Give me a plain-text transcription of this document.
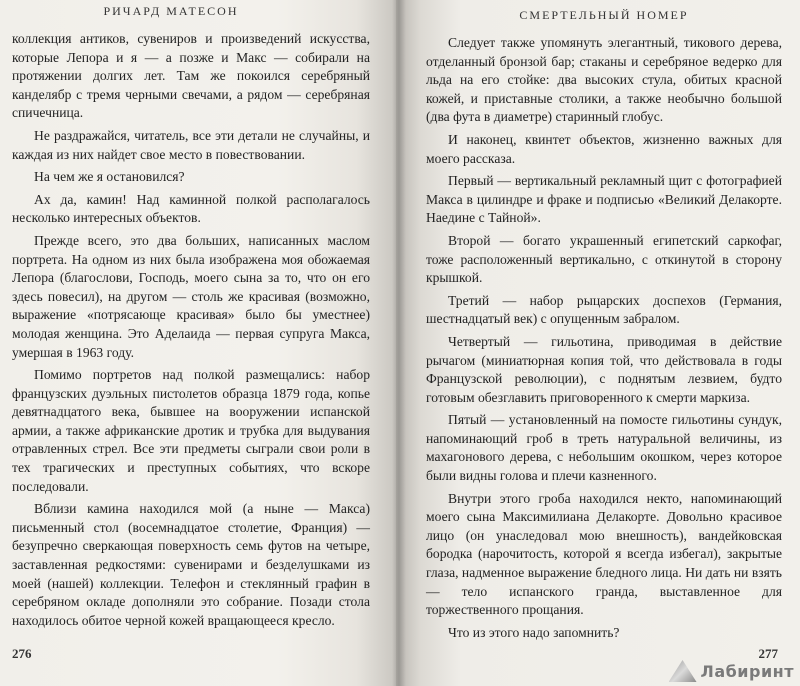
РИЧАРД МАТЕСОН

коллекция антиков, сувениров и произведений искусства, которые Лепора и я — а позже и Макс — собирали на протяжении долгих лет. Там же покоился серебряный канделябр с тремя черными свечами, а рядом — серебряная спичечница.

Не раздражайся, читатель, все эти детали не случайны, и каждая из них найдет свое место в повествовании.

На чем же я остановился?

Ах да, камин! Над каминной полкой располагалось несколько интересных объектов.

Прежде всего, это два больших, написанных маслом портрета. На одном из них была изображена моя обожаемая Лепора (благослови, Господь, моего сына за то, что он его здесь повесил), на другом — столь же красивая (возможно, выражение «потрясающе красивая» было бы уместнее) молодая женщина. Это Аделаида — первая супруга Макса, умершая в 1963 году.

Помимо портретов над полкой размещались: набор французских дуэльных пистолетов образца 1879 года, копье девятнадцатого века, бывшее на вооружении испанской армии, а также африканские дротик и трубка для выдувания отравленных стрел. Все эти предметы сыграли свои роли в тех трагических и преступных событиях, что вскоре последовали.

Вблизи камина находился мой (а ныне — Макса) письменный стол (восемнадцатое столетие, Франция) — безупречно сверкающая поверхность семь футов на четыре, заставленная редкостями: сувенирами и безделушками из моей (нашей) коллекции. Телефон и стеклянный графин в серебряном окладе дополняли это собрание. Позади стола находилось обитое черной кожей вращающееся кресло.

276
СМЕРТЕЛЬНЫЙ НОМЕР

Следует также упомянуть элегантный, тикового дерева, отделанный бронзой бар; стаканы и серебряное ведерко для льда на его стойке: два высоких стула, обитых красной кожей, и приставные столики, а также необычно большой (два фута в диаметре) старинный глобус.

И наконец, квинтет объектов, жизненно важных для моего рассказа.

Первый — вертикальный рекламный щит с фотографией Макса в цилиндре и фраке и подписью «Великий Делакорте. Наедине с Тайной».

Второй — богато украшенный египетский саркофаг, тоже расположенный вертикально, с откинутой в сторону крышкой.

Третий — набор рыцарских доспехов (Германия, шестнадцатый век) с опущенным забралом.

Четвертый — гильотина, приводимая в действие рычагом (миниатюрная копия той, что действовала в годы Французской революции), с поднятым лезвием, будто готовым обезглавить приговоренного к смерти маркиза.

Пятый — установленный на помосте гильотины сундук, напоминающий гроб в треть натуральной величины, из махагонового дерева, с небольшим окошком, через которое были видны голова и плечи казненного.

Внутри этого гроба находился некто, напоминающий моего сына Максимилиана Делакорте. Довольно красивое лицо (он унаследовал мою внешность), вандейковская бородка (нарочитость, которой я всегда избегал), закрытые глаза, надменное выражение бледного лица. Ни дать ни взять — тело испанского гранда, выставленное для торжественного прощания.

Что из этого надо запомнить?

277
Лабиринт
